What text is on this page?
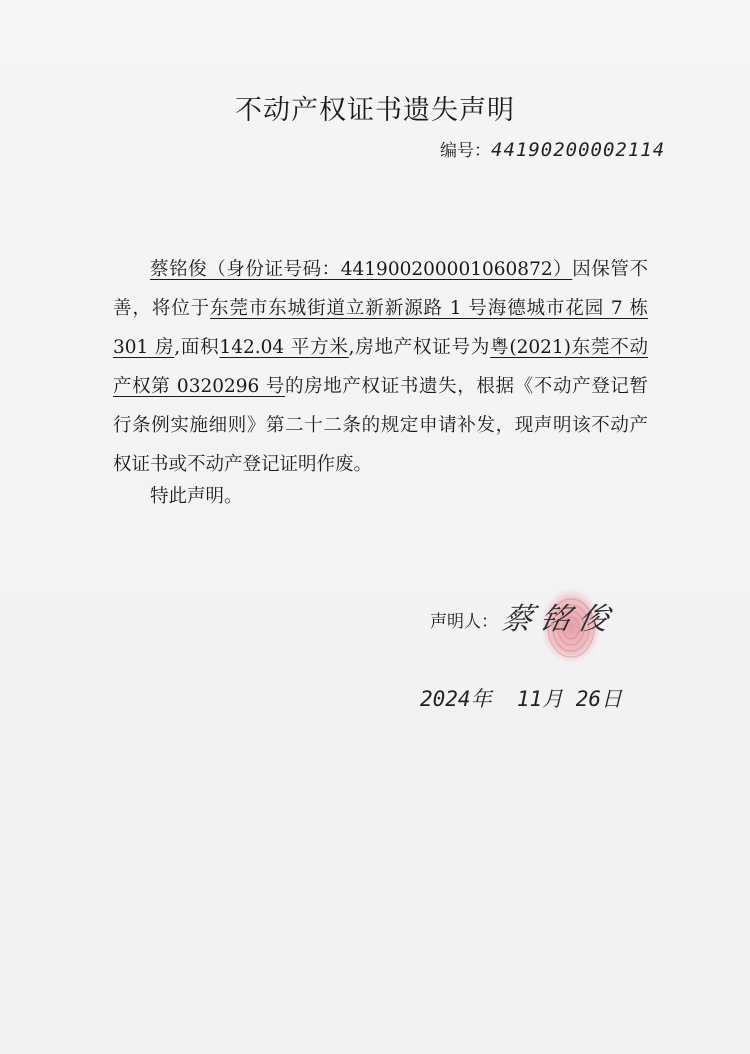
不动产权证书遗失声明
编号：44190200002114

蔡铭俊（身份证号码：441900200001060872）因保管不善，将位于东莞市东城街道立新新源路 1 号海德城市花园 7 栋 301 房,面积142.04 平方米,房地产权证号为粤(2021)东莞不动产权第 0320296 号的房地产权证书遗失，根据《不动产登记暂行条例实施细则》第二十二条的规定申请补发，现声明该不动产权证书或不动产登记证明作废。

特此声明。
声明人： 蔡铭俊
2024年  11月 26日
